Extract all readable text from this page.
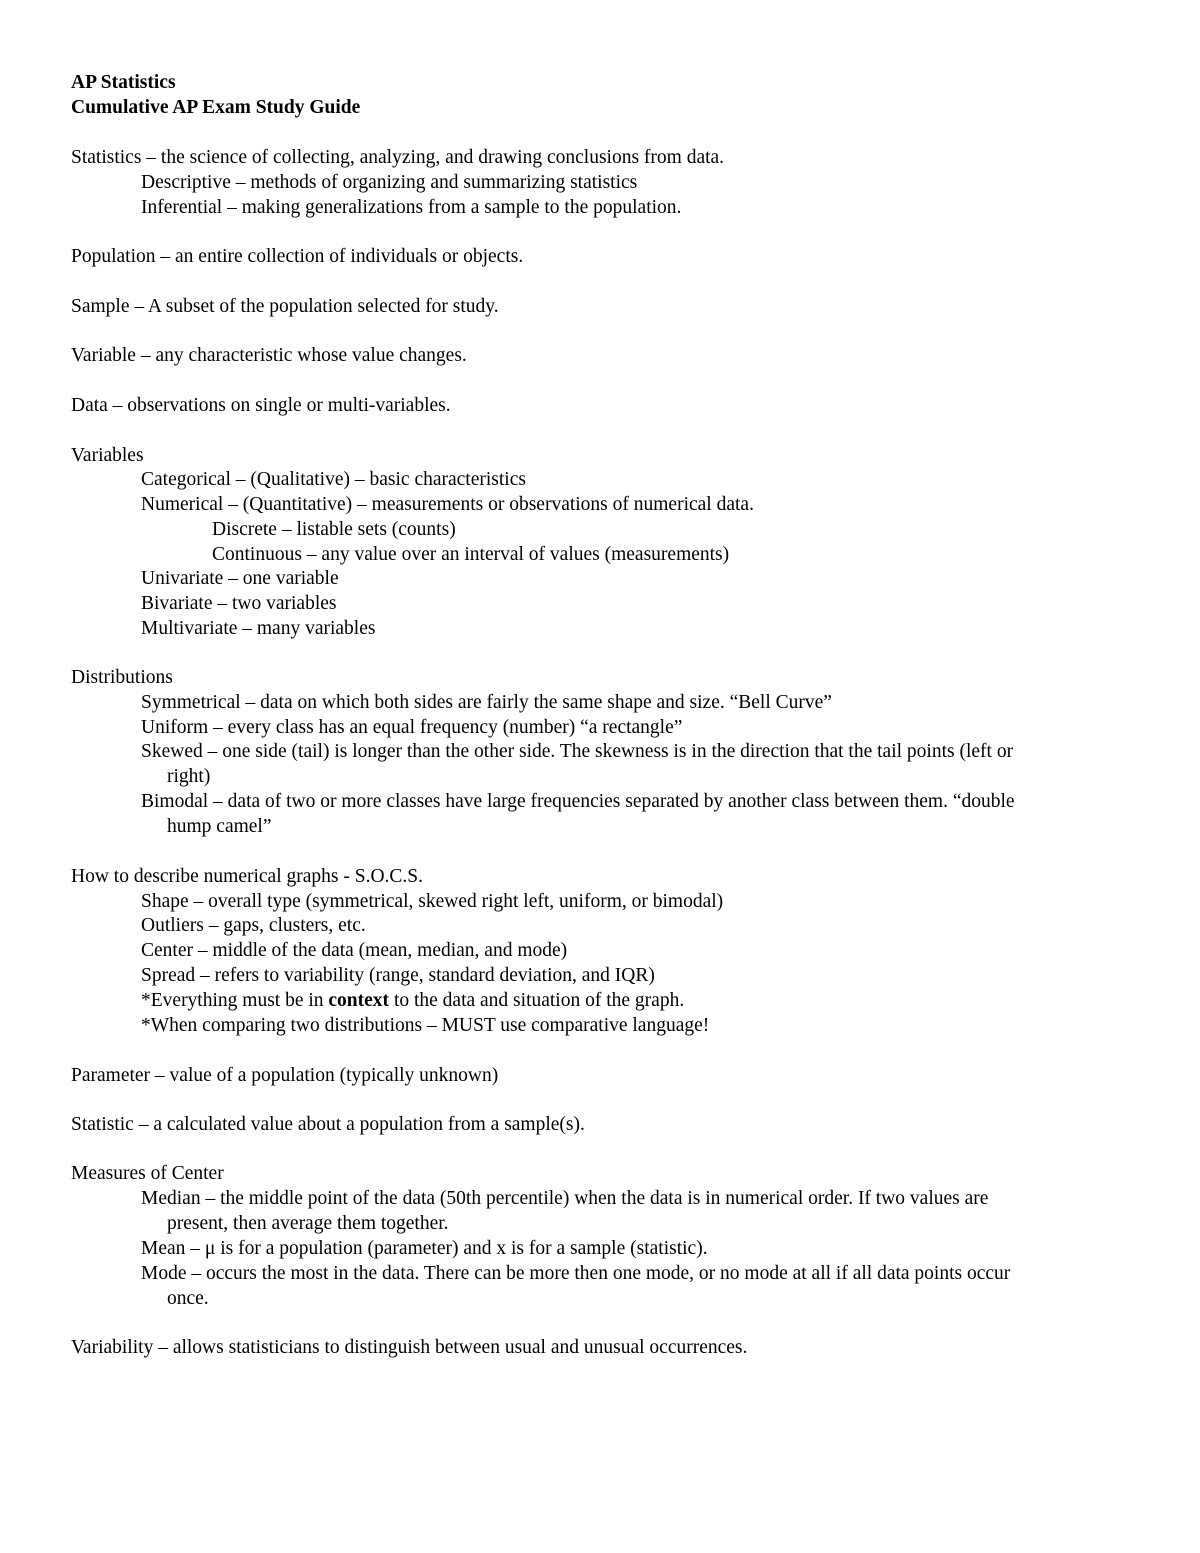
AP Statistics
Cumulative AP Exam Study Guide
Statistics – the science of collecting, analyzing, and drawing conclusions from data.
Descriptive – methods of organizing and summarizing statistics
Inferential – making generalizations from a sample to the population.
Population – an entire collection of individuals or objects.
Sample – A subset of the population selected for study.
Variable – any characteristic whose value changes.
Data – observations on single or multi-variables.
Variables
Categorical – (Qualitative) – basic characteristics
Numerical – (Quantitative) – measurements or observations of numerical data.
Discrete – listable sets (counts)
Continuous – any value over an interval of values (measurements)
Univariate – one variable
Bivariate – two variables
Multivariate – many variables
Distributions
Symmetrical – data on which both sides are fairly the same shape and size. “Bell Curve”
Uniform – every class has an equal frequency (number) “a rectangle”
Skewed – one side (tail) is longer than the other side. The skewness is in the direction that the tail points (left or
right)
Bimodal – data of two or more classes have large frequencies separated by another class between them. “double
hump camel”
How to describe numerical graphs - S.O.C.S.
Shape – overall type (symmetrical, skewed right left, uniform, or bimodal)
Outliers – gaps, clusters, etc.
Center – middle of the data (mean, median, and mode)
Spread – refers to variability (range, standard deviation, and IQR)
*Everything must be in context to the data and situation of the graph.
*When comparing two distributions – MUST use comparative language!
Parameter – value of a population (typically unknown)
Statistic – a calculated value about a population from a sample(s).
Measures of Center
Median – the middle point of the data (50th percentile) when the data is in numerical order. If two values are
present, then average them together.
Mean – μ is for a population (parameter) and x is for a sample (statistic).
Mode – occurs the most in the data. There can be more then one mode, or no mode at all if all data points occur
once.
Variability – allows statisticians to distinguish between usual and unusual occurrences.
